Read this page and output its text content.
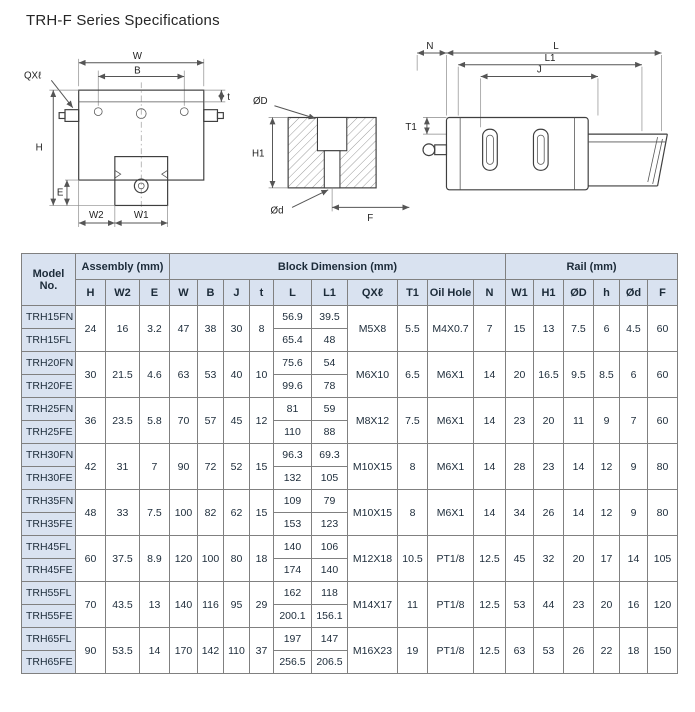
TRH-F Series Specifications
W
B
QXℓ
t
H
E
W2	W1
ØD
H1
Ød
F
N	L
L1
J
T1
Model No.	Assembly (mm)			Block Dimension (mm)										Rail (mm)					
	H	W2	E	W	B	J	t	L	L1	QXℓ	T1	Oil Hole	N	W1	H1	ØD	h	Ød	F
TRH15FN	24	16	3.2	47	38	30	8	56.9	39.5	M5X8	5.5	M4X0.7	7	15	13	7.5	6	4.5	60
TRH15FL								65.4	48										
TRH20FN	30	21.5	4.6	63	53	40	10	75.6	54	M6X10	6.5	M6X1	14	20	16.5	9.5	8.5	6	60
TRH20FE								99.6	78										
TRH25FN	36	23.5	5.8	70	57	45	12	81	59	M8X12	7.5	M6X1	14	23	20	11	9	7	60
TRH25FE								110	88										
TRH30FN	42	31	7	90	72	52	15	96.3	69.3	M10X15	8	M6X1	14	28	23	14	12	9	80
TRH30FE								132	105										
TRH35FN	48	33	7.5	100	82	62	15	109	79	M10X15	8	M6X1	14	34	26	14	12	9	80
TRH35FE								153	123										
TRH45FL	60	37.5	8.9	120	100	80	18	140	106	M12X18	10.5	PT1/8	12.5	45	32	20	17	14	105
TRH45FE								174	140										
TRH55FL	70	43.5	13	140	116	95	29	162	118	M14X17	11	PT1/8	12.5	53	44	23	20	16	120
TRH55FE								200.1	156.1										
TRH65FL	90	53.5	14	170	142	110	37	197	147	M16X23	19	PT1/8	12.5	63	53	26	22	18	150
TRH65FE								256.5	206.5										
